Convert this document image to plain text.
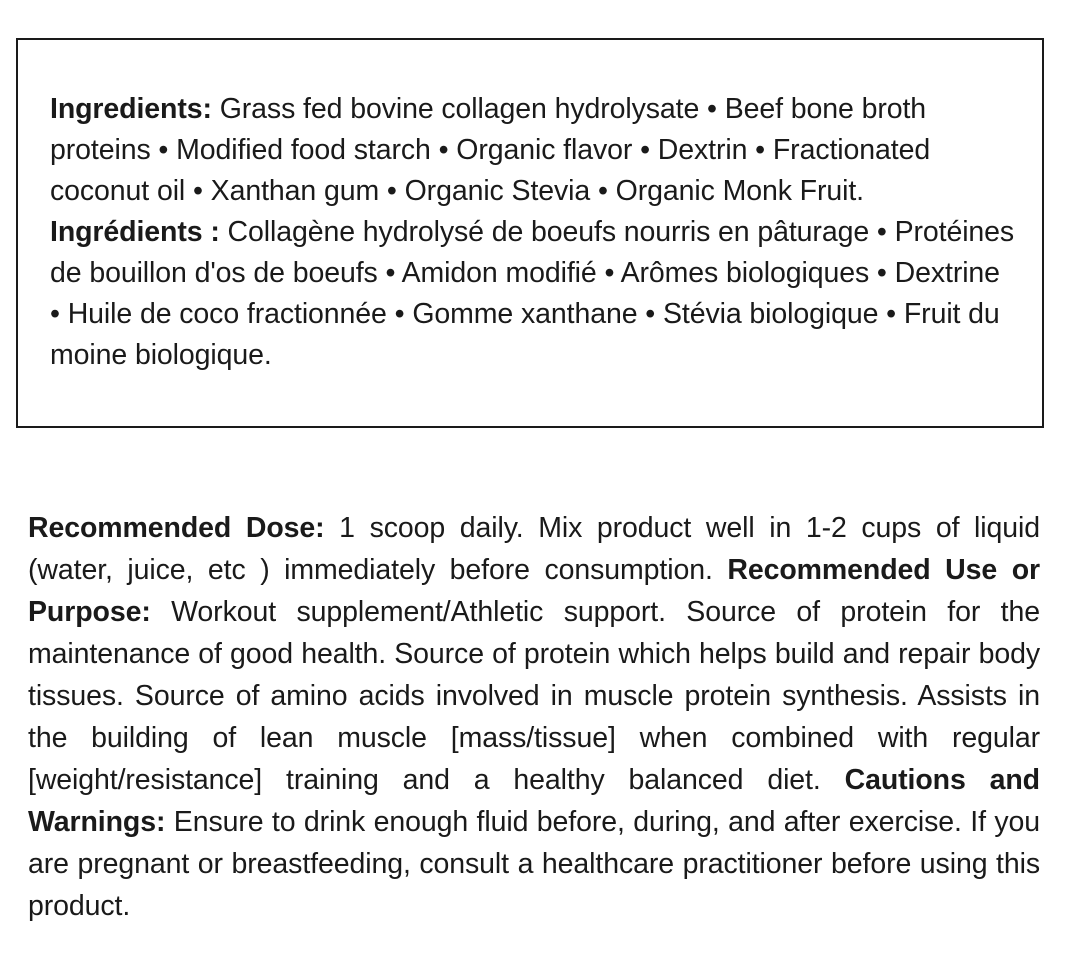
Ingredients: Grass fed bovine collagen hydrolysate • Beef bone broth proteins • Modified food starch • Organic flavor • Dextrin • Fractionated coconut oil • Xanthan gum • Organic Stevia • Organic Monk Fruit.
Ingrédients : Collagène hydrolysé de boeufs nourris en pâturage • Protéines de bouillon d'os de boeufs • Amidon modifié • Arômes biologiques • Dextrine • Huile de coco fractionnée • Gomme xanthane • Stévia biologique • Fruit du moine biologique.

Recommended Dose: 1 scoop daily. Mix product well in 1-2 cups of liquid (water, juice, etc ) immediately before consumption. Recommended Use or Purpose: Workout supplement/Athletic support. Source of protein for the maintenance of good health. Source of protein which helps build and repair body tissues. Source of amino acids involved in muscle protein synthesis. Assists in the building of lean muscle [mass/tissue] when combined with regular [weight/resistance] training and a healthy balanced diet. Cautions and Warnings: Ensure to drink enough fluid before, during, and after exercise. If you are pregnant or breastfeeding, consult a healthcare practitioner before using this product.
